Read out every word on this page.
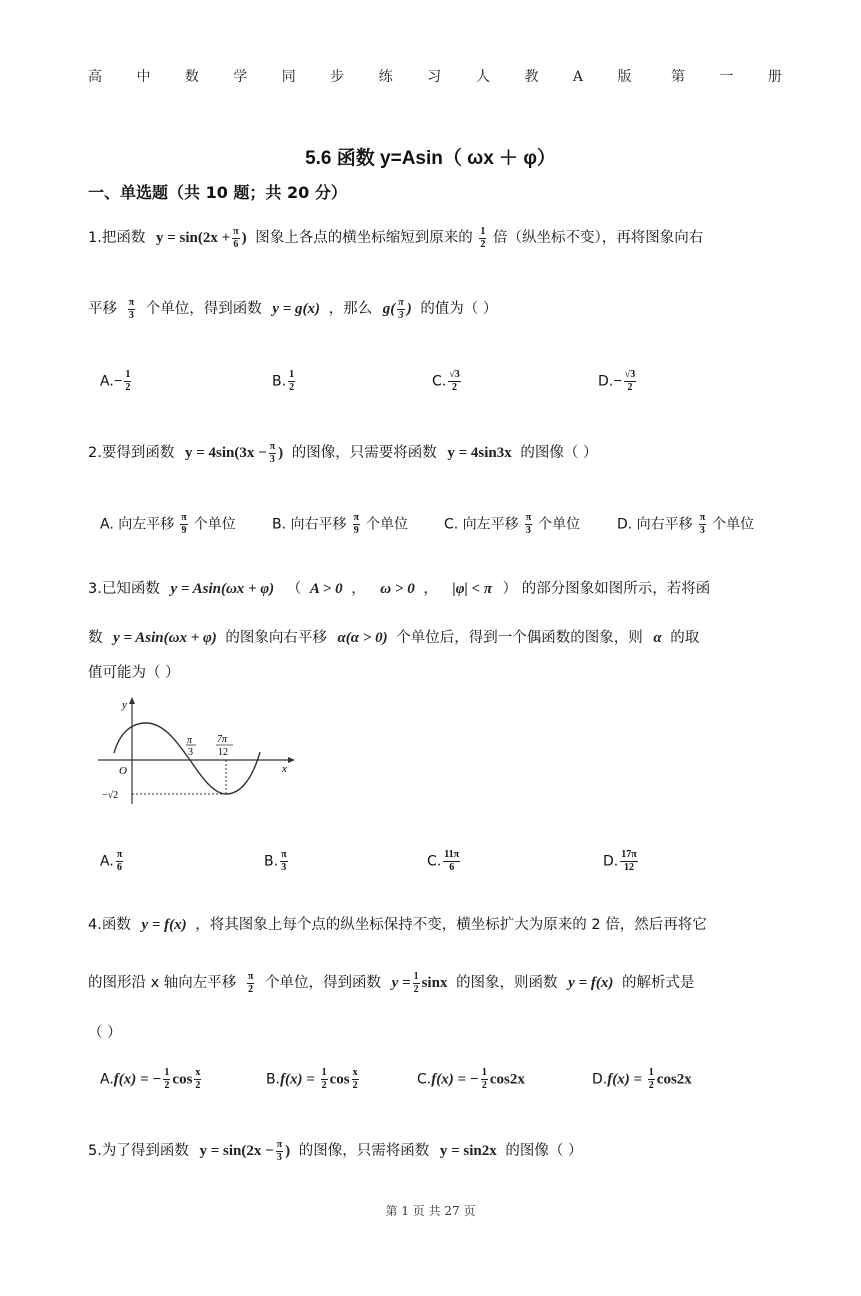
高 中 数 学 同 步 练 习 人 教 A 版 第 一 册
5.6 函数 y=Asin（ ωx ＋ φ）
一、单选题（共 10 题；共 20 分）
1.把函数 $y = \sin(2x + \frac{\pi}{6}$ ) 图象上各点的横坐标缩短到原来的 $\frac{1}{2}$ 倍（纵坐标不变），再将图象向右
平移 $\frac{\pi}{3}$ 个单位，得到函数 y = g(x) ，那么 $g( \frac{\pi}{3}$ ) 的值为（ ）
$A.- \frac{1}{2}$	B. $\frac{1}{2}$	C. $\frac{√3}{2}$	$D.- \frac{√3}{2}$
2.要得到函数 $y = 4\sin(3x - \frac{\pi}{3}$ ) 的图像，只需要将函数 y = 4sin3x 的图像（ ）
A. 向左平移 $\frac{\pi}{9}$ 个单位	B. 向右平移 $\frac{\pi}{9}$ 个单位	C. 向左平移 $\frac{\pi}{3}$ 个单位	D. 向右平移 $\frac{\pi}{3}$ 个单位
3.已知函数 y = Asin(ωx + φ) （ A > 0 ， ω > 0 ， |φ| < π ） 的部分图象如图所示，若将函
数 y = Asin(ωx + φ) 的图象向右平移 α(α > 0) 个单位后，得到一个偶函数的图象，则 α 的取
值可能为（ ）
y
x
O
π
3
7π
12
−√2
A. $\frac{\pi}{6}$	B. $\frac{\pi}{3}$	C. $\frac{11\pi}{6}$	D. $\frac{17\pi}{12}$
4.函数 y = f(x) ，将其图象上每个点的纵坐标保持不变，横坐标扩大为原来的 2 倍，然后再将它
的图形沿 x 轴向左平移 $\frac{\pi}{2}$ 个单位，得到函数 $y = \frac{1}{2}$ sinx 的图象，则函数 y = f(x) 的解析式是
（ ）
A.f(x) = − $\frac{1}{2}$ $\cos \frac{x}{2}$	$B.f(x) = \frac{1}{2}$ $\cos \frac{x}{2}$	C.f(x) = − $\frac{1}{2} \cos 2x$	$D.f(x) = \frac{1}{2} \cos 2x$
5.为了得到函数 $y = \sin(2x - \frac{\pi}{3}$ ) 的图像，只需将函数 y = sin2x 的图像（ ）
第 1 页 共 27 页
